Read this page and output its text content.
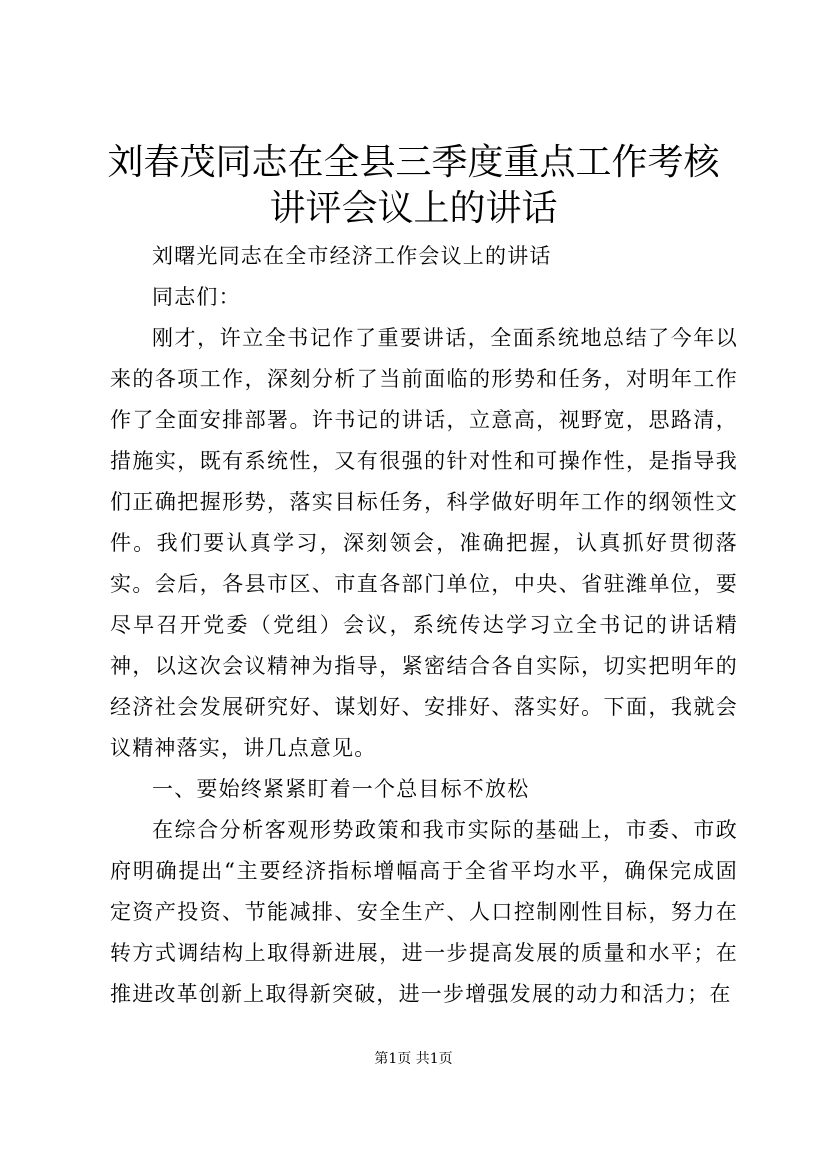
刘春茂同志在全县三季度重点工作考核讲评会议上的讲话

刘曙光同志在全市经济工作会议上的讲话

同志们：

刚才，许立全书记作了重要讲话，全面系统地总结了今年以来的各项工作，深刻分析了当前面临的形势和任务，对明年工作作了全面安排部署。许书记的讲话，立意高，视野宽，思路清，措施实，既有系统性，又有很强的针对性和可操作性，是指导我们正确把握形势，落实目标任务，科学做好明年工作的纲领性文件。我们要认真学习，深刻领会，准确把握，认真抓好贯彻落实。会后，各县市区、市直各部门单位，中央、省驻潍单位，要尽早召开党委（党组）会议，系统传达学习立全书记的讲话精神，以这次会议精神为指导，紧密结合各自实际，切实把明年的经济社会发展研究好、谋划好、安排好、落实好。下面，我就会议精神落实，讲几点意见。

一、要始终紧紧盯着一个总目标不放松

在综合分析客观形势政策和我市实际的基础上，市委、市政府明确提出“主要经济指标增幅高于全省平均水平，确保完成固定资产投资、节能减排、安全生产、人口控制刚性目标，努力在转方式调结构上取得新进展，进一步提高发展的质量和水平；在推进改革创新上取得新突破，进一步增强发展的动力和活力；在

第1页 共1页
